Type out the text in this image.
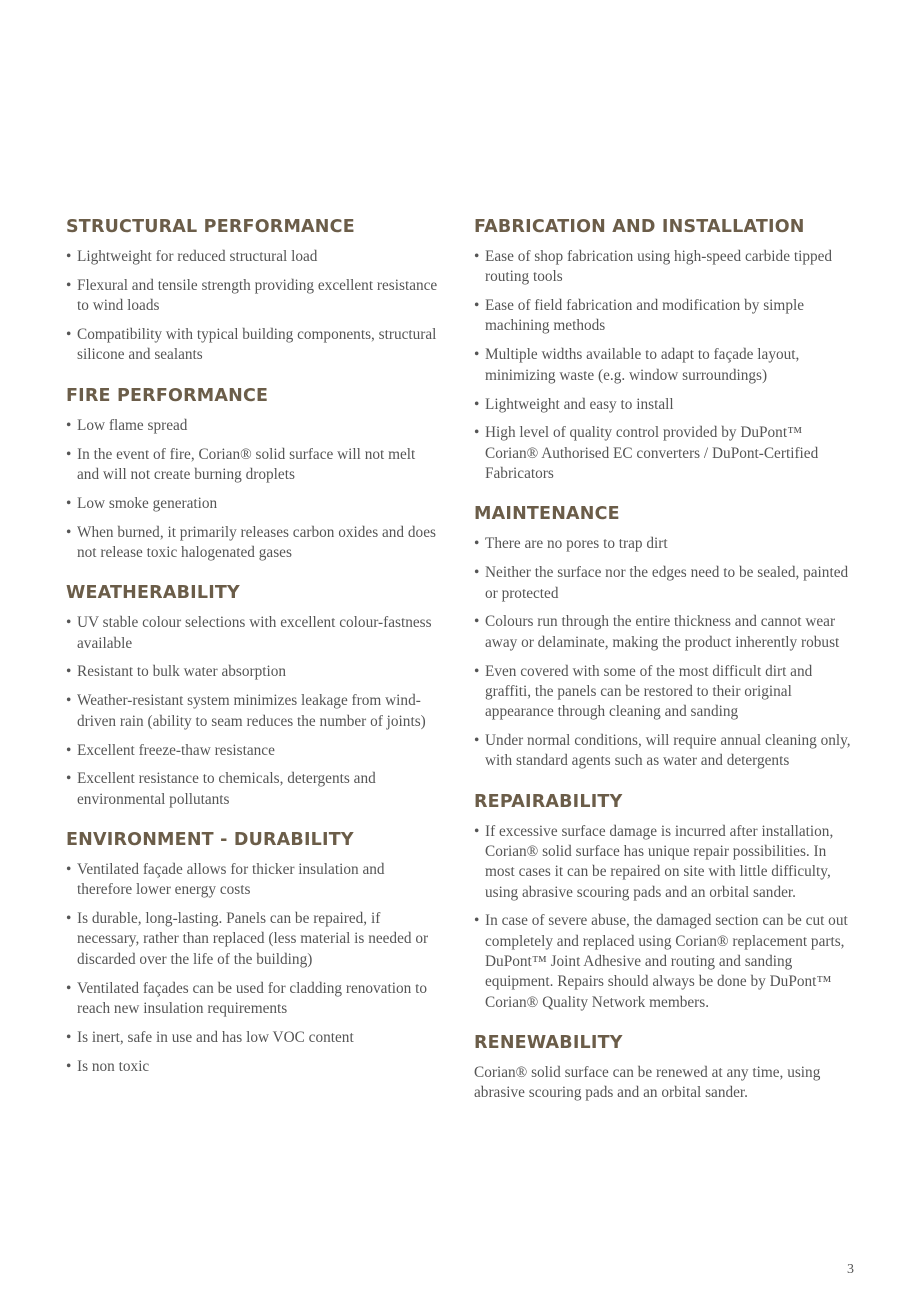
STRUCTURAL PERFORMANCE
• Lightweight for reduced structural load
• Flexural and tensile strength providing excellent resistance to wind loads
• Compatibility with typical building components, structural silicone and sealants
FIRE PERFORMANCE
• Low flame spread
• In the event of fire, Corian® solid surface will not melt and will not create burning droplets
• Low smoke generation
• When burned, it primarily releases carbon oxides and does not release toxic halogenated gases
WEATHERABILITY
• UV stable colour selections with excellent colour-fastness available
• Resistant to bulk water absorption
• Weather-resistant system minimizes leakage from wind-driven rain (ability to seam reduces the number of joints)
• Excellent freeze-thaw resistance
• Excellent resistance to chemicals, detergents and environmental pollutants
ENVIRONMENT - DURABILITY
• Ventilated façade allows for thicker insulation and therefore lower energy costs
• Is durable, long-lasting. Panels can be repaired, if necessary, rather than replaced (less material is needed or discarded over the life of the building)
• Ventilated façades can be used for cladding renovation to reach new insulation requirements
• Is inert, safe in use and has low VOC content
• Is non toxic
FABRICATION AND INSTALLATION
• Ease of shop fabrication using high-speed carbide tipped routing tools
• Ease of field fabrication and modification by simple machining methods
• Multiple widths available to adapt to façade layout, minimizing waste (e.g. window surroundings)
• Lightweight and easy to install
• High level of quality control provided by DuPont™ Corian® Authorised EC converters / DuPont-Certified Fabricators
MAINTENANCE
• There are no pores to trap dirt
• Neither the surface nor the edges need to be sealed, painted or protected
• Colours run through the entire thickness and cannot wear away or delaminate, making the product inherently robust
• Even covered with some of the most difficult dirt and graffiti, the panels can be restored to their original appearance through cleaning and sanding
• Under normal conditions, will require annual cleaning only, with standard agents such as water and detergents
REPAIRABILITY
• If excessive surface damage is incurred after installation, Corian® solid surface has unique repair possibilities. In most cases it can be repaired on site with little difficulty, using abrasive scouring pads and an orbital sander.
• In case of severe abuse, the damaged section can be cut out completely and replaced using Corian® replacement parts, DuPont™ Joint Adhesive and routing and sanding equipment. Repairs should always be done by DuPont™ Corian® Quality Network members.
RENEWABILITY

Corian® solid surface can be renewed at any time, using abrasive scouring pads and an orbital sander.

3
